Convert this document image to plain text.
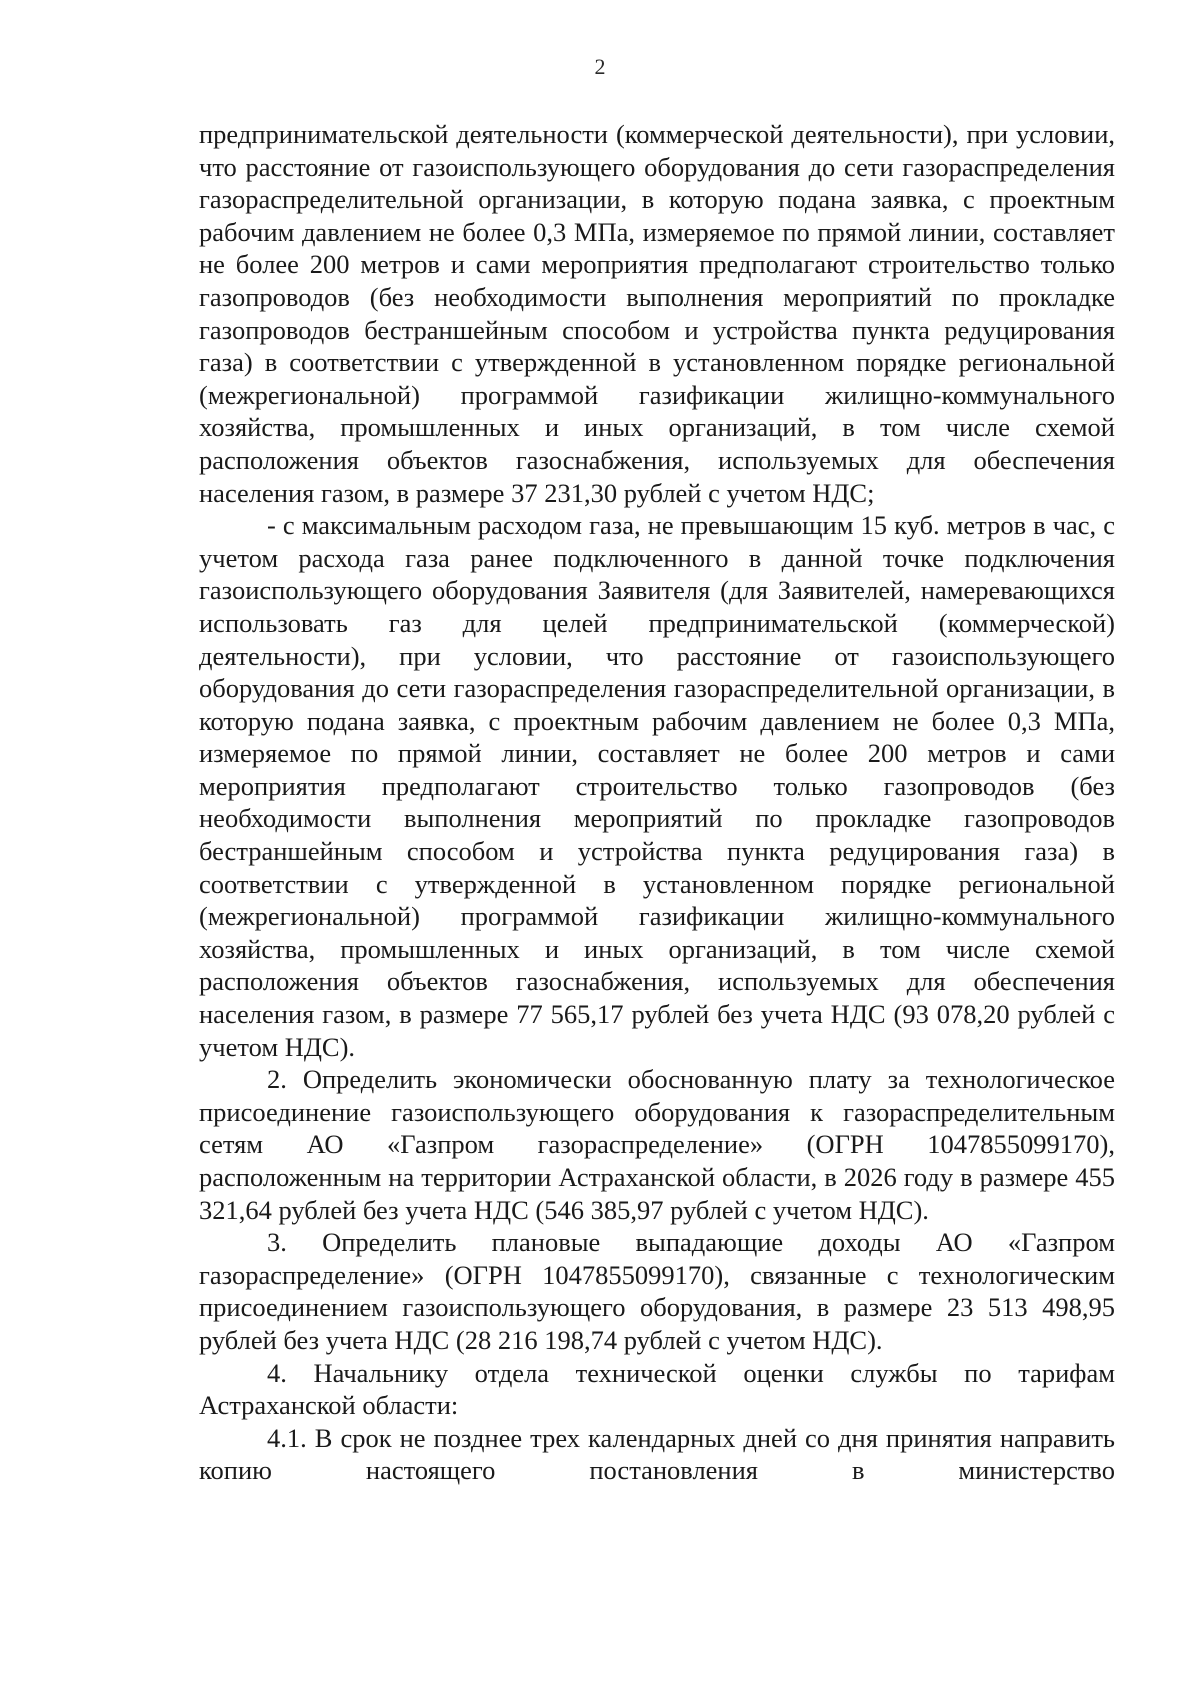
2

предпринимательской деятельности (коммерческой деятельности), при условии, что расстояние от газоиспользующего оборудования до сети газораспределения газораспределительной организации, в которую подана заявка, с проектным рабочим давлением не более 0,3 МПа, измеряемое по прямой линии, составляет не более 200 метров и сами мероприятия предполагают строительство только газопроводов (без необходимости выполнения мероприятий по прокладке газопроводов бестраншейным способом и устройства пункта редуцирования газа) в соответствии с утвержденной в установленном порядке региональной (межрегиональной) программой газификации жилищно-коммунального хозяйства, промышленных и иных организаций, в том числе схемой расположения объектов газоснабжения, используемых для обеспечения населения газом, в размере 37 231,30 рублей с учетом НДС;

- с максимальным расходом газа, не превышающим 15 куб. метров в час, с учетом расхода газа ранее подключенного в данной точке подключения газоиспользующего оборудования Заявителя (для Заявителей, намеревающихся использовать газ для целей предпринимательской (коммерческой) деятельности), при условии, что расстояние от газоиспользующего оборудования до сети газораспределения газораспределительной организации, в которую подана заявка, с проектным рабочим давлением не более 0,3 МПа, измеряемое по прямой линии, составляет не более 200 метров и сами мероприятия предполагают строительство только газопроводов (без необходимости выполнения мероприятий по прокладке газопроводов бестраншейным способом и устройства пункта редуцирования газа) в соответствии с утвержденной в установленном порядке региональной (межрегиональной) программой газификации жилищно-коммунального хозяйства, промышленных и иных организаций, в том числе схемой расположения объектов газоснабжения, используемых для обеспечения населения газом, в размере 77 565,17 рублей без учета НДС (93 078,20 рублей с учетом НДС).

2. Определить экономически обоснованную плату за технологическое присоединение газоиспользующего оборудования к газораспределительным сетям АО «Газпром газораспределение» (ОГРН 1047855099170), расположенным на территории Астраханской области, в 2026 году в размере 455 321,64 рублей без учета НДС (546 385,97 рублей с учетом НДС).

3. Определить плановые выпадающие доходы АО «Газпром газораспределение» (ОГРН 1047855099170), связанные с технологическим присоединением газоиспользующего оборудования, в размере 23 513 498,95 рублей без учета НДС (28 216 198,74 рублей с учетом НДС).

4. Начальнику отдела технической оценки службы по тарифам Астраханской области:

4.1. В срок не позднее трех календарных дней со дня принятия направить копию настоящего постановления в министерство
